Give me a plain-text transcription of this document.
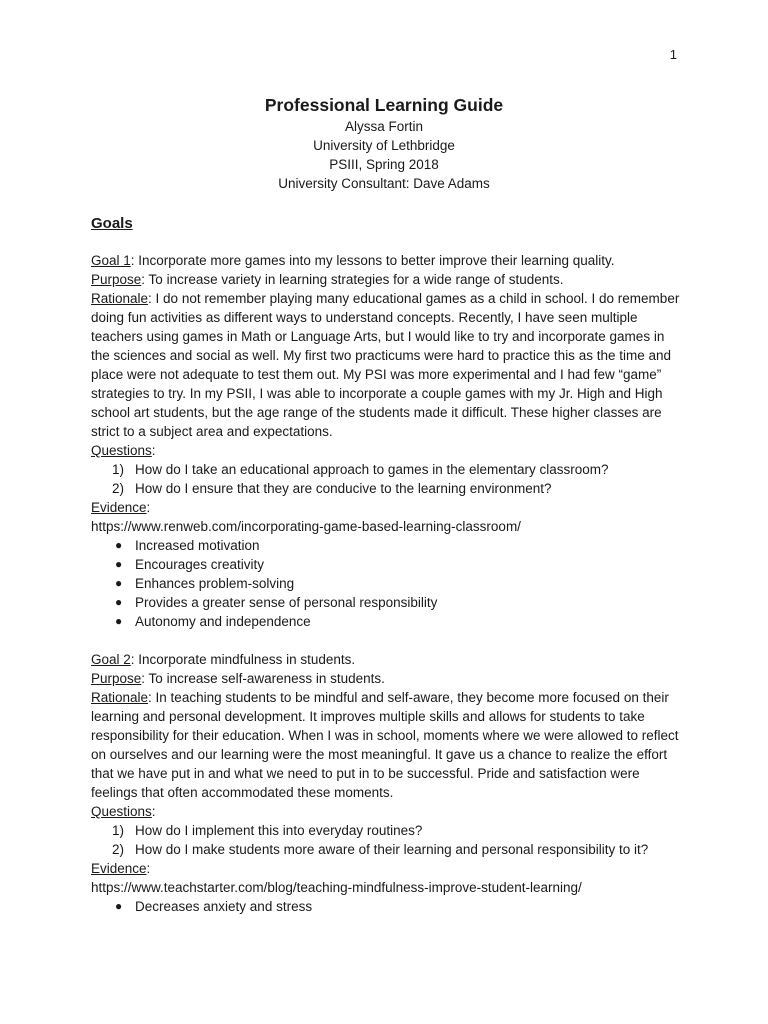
1
Professional Learning Guide
Alyssa Fortin
University of Lethbridge
PSIII, Spring 2018
University Consultant: Dave Adams
Goals

Goal 1: Incorporate more games into my lessons to better improve their learning quality.

Purpose: To increase variety in learning strategies for a wide range of students.

Rationale: I do not remember playing many educational games as a child in school. I do remember doing fun activities as different ways to understand concepts. Recently, I have seen multiple teachers using games in Math or Language Arts, but I would like to try and incorporate games in the sciences and social as well. My first two practicums were hard to practice this as the time and place were not adequate to test them out. My PSI was more experimental and I had few “game” strategies to try. In my PSII, I was able to incorporate a couple games with my Jr. High and High school art students, but the age range of the students made it difficult. These higher classes are strict to a subject area and expectations.

Questions:

1) How do I take an educational approach to games in the elementary classroom?
2) How do I ensure that they are conducive to the learning environment?

Evidence:

https://www.renweb.com/incorporating-game-based-learning-classroom/

● Increased motivation
● Encourages creativity
● Enhances problem-solving
● Provides a greater sense of personal responsibility
● Autonomy and independence

Goal 2: Incorporate mindfulness in students.

Purpose: To increase self-awareness in students.

Rationale: In teaching students to be mindful and self-aware, they become more focused on their learning and personal development. It improves multiple skills and allows for students to take responsibility for their education. When I was in school, moments where we were allowed to reflect on ourselves and our learning were the most meaningful. It gave us a chance to realize the effort that we have put in and what we need to put in to be successful. Pride and satisfaction were feelings that often accommodated these moments.

Questions:

1) How do I implement this into everyday routines?
2) How do I make students more aware of their learning and personal responsibility to it?

Evidence:

https://www.teachstarter.com/blog/teaching-mindfulness-improve-student-learning/

● Decreases anxiety and stress
